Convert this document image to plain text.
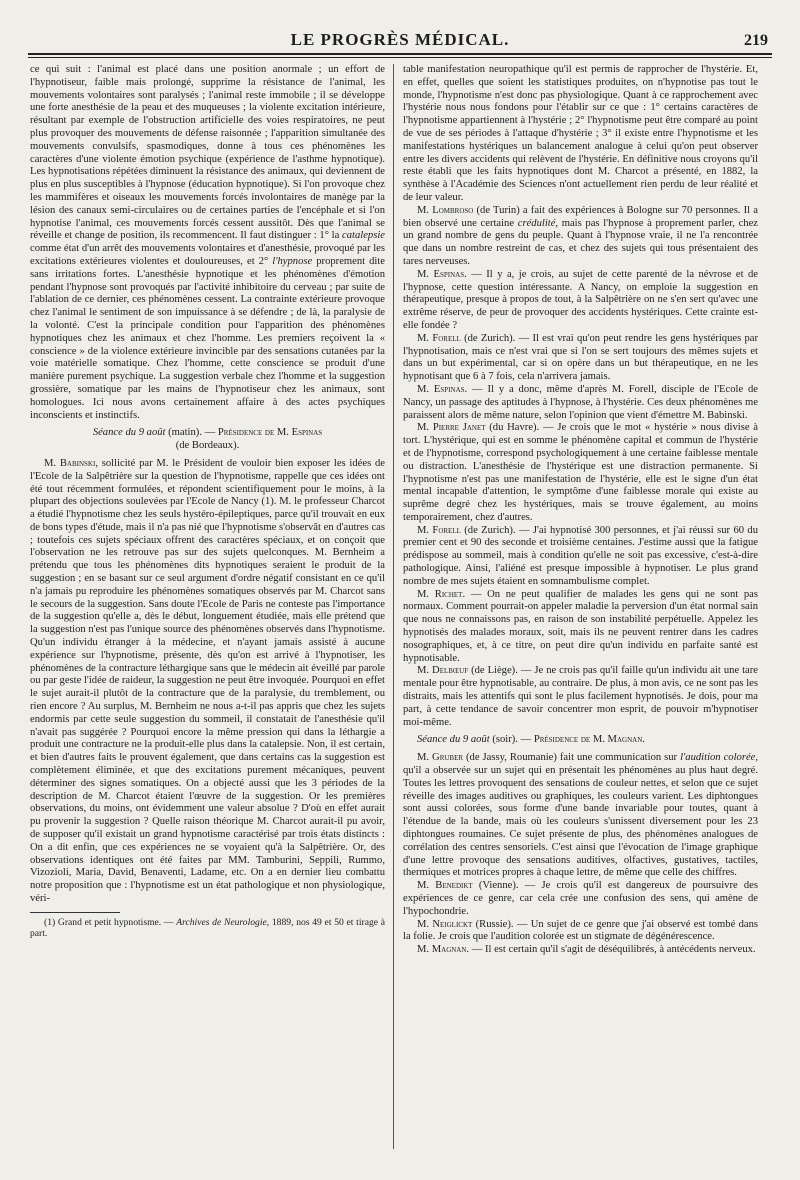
LE PROGRÈS MÉDICAL.	219

ce qui suit : l'animal est placé dans une position anormale ; un effort de l'hypnotiseur, faible mais prolongé, supprime la résistance de l'animal, les mouvements volontaires sont paralysés ; l'animal reste immobile ; il se développe une forte anesthésie de la peau et des muqueuses ; la violente excitation intérieure, résultant par exemple de l'obstruction artificielle des voies respiratoires, ne peut plus provoquer des mouvements de défense raisonnée ; l'apparition simultanée des mouvements convulsifs, spasmodiques, donne à tous ces phénomènes les caractères d'une violente émotion psychique (expérience de l'asthme hypnotique). Les hypnotisations répétées diminuent la résistance des animaux, qui deviennent de plus en plus susceptibles à l'hypnose (éducation hypnotique). Si l'on provoque chez les mammifères et oiseaux les mouvements forcés involontaires de manège par la lésion des canaux semi-circulaires ou de certaines parties de l'encéphale et si l'on hypnotise l'animal, ces mouvements forcés cessent aussitôt. Dès que l'animal se réveille et change de position, ils recommencent. Il faut distinguer : 1° la catalepsie comme état d'un arrêt des mouvements volontaires et d'anesthésie, provoqué par les excitations extérieures violentes et douloureuses, et 2° l'hypnose proprement dite sans irritations fortes. L'anesthésie hypnotique et les phénomènes d'émotion pendant l'hypnose sont provoqués par l'activité inhibitoire du cerveau ; par suite de l'ablation de ce dernier, ces phénomènes cessent. La contrainte extérieure provoque chez l'animal le sentiment de son impuissance à se défendre ; de là, la paralysie de la volonté. C'est la principale condition pour l'apparition des phénomènes hypnotiques chez les animaux et chez l'homme. Les premiers reçoivent la « conscience » de la violence extérieure invincible par des sensations cutanées par la voie matérielle somatique. Chez l'homme, cette conscience se produit d'une manière purement psychique. La suggestion verbale chez l'homme et la suggestion grossière, somatique par les mains de l'hypnotiseur chez les animaux, sont homologues. Ici nous avons certainement affaire à des actes psychiques inconscients et instinctifs.

Séance du 9 août (matin). — Présidence de M. Espinas
(de Bordeaux).

M. Babinski, sollicité par M. le Président de vouloir bien exposer les idées de l'Ecole de la Salpêtrière sur la question de l'hypnotisme, rappelle que ces idées ont été tout récemment formulées, et répondent scientifiquement pour le moins, à la plupart des objections soulevées par l'Ecole de Nancy (1). M. le professeur Charcot a étudié l'hypnotisme chez les seuls hystéro-épileptiques, parce qu'il trouvait en eux de bons types d'étude, mais il n'a pas nié que l'hypnotisme s'observât en d'autres cas ; toutefois ces sujets spéciaux offrent des caractères spéciaux, et on conçoit que l'observation ne les retrouve pas sur des sujets quelconques. M. Bernheim a prétendu que tous les phénomènes dits hypnotiques seraient le produit de la suggestion ; en se basant sur ce seul argument d'ordre négatif consistant en ce qu'il n'a jamais pu reproduire les phénomènes somatiques observés par M. Charcot sans le secours de la suggestion. Sans doute l'Ecole de Paris ne conteste pas l'importance de la suggestion qu'elle a, dès le début, longuement étudiée, mais elle prétend que la suggestion n'est pas l'unique source des phénomènes observés dans l'hypnotisme. Qu'un individu étranger à la médecine, et n'ayant jamais assisté à aucune expérience sur l'hypnotisme, présente, dès qu'on est arrivé à l'hypnotiser, les phénomènes de la contracture léthargique sans que le médecin ait éveillé par parole ou par geste l'idée de raideur, la suggestion ne peut être invoquée. Pourquoi en effet le sujet aurait-il plutôt de la contracture que de la paralysie, du tremblement, ou rien encore ? Au surplus, M. Bernheim ne nous a-t-il pas appris que chez les sujets endormis par cette seule suggestion du sommeil, il constatait de l'anesthésie qu'il n'avait pas suggérée ? Pourquoi encore la même pression qui dans la léthargie a produit une contracture ne la produit-elle plus dans la catalepsie. Non, il est certain, et bien d'autres faits le prouvent également, que dans certains cas la suggestion est complètement éliminée, et que des excitations purement mécaniques, peuvent déterminer des signes somatiques. On a objecté aussi que les 3 périodes de la description de M. Charcot étaient l'œuvre de la suggestion. Or les premières observations, du moins, ont évidemment une valeur absolue ? D'où en effet aurait pu provenir la suggestion ? Quelle raison théorique M. Charcot aurait-il pu avoir, de supposer qu'il existait un grand hypnotisme caractérisé par trois états distincts : On a dit enfin, que ces expériences ne se voyaient qu'à la Salpêtrière. Or, des observations identiques ont été faites par MM. Tamburini, Seppili, Rummo, Vizozioli, Maria, David, Benaventi, Ladame, etc. On a en dernier lieu combattu notre proposition que : l'hypnotisme est un état pathologique et non physiologique, véri-

(1) Grand et petit hypnotisme. — Archives de Neurologie, 1889, nos 49 et 50 et tirage à part.

table manifestation neuropathique qu'il est permis de rapprocher de l'hystérie. Et, en effet, quelles que soient les statistiques produites, on n'hypnotise pas tout le monde, l'hypnotisme n'est donc pas physiologique. Quant à ce rapprochement avec l'hystérie nous nous fondons pour l'établir sur ce que : 1° certains caractères de l'hypnotisme appartiennent à l'hystérie ; 2° l'hypnotisme peut être comparé au point de vue de ses périodes à l'attaque d'hystérie ; 3° il existe entre l'hypnotisme et les manifestations hystériques un balancement analogue à celui qu'on peut observer entre les divers accidents qui relèvent de l'hystérie. En définitive nous croyons qu'il reste établi que les faits hypnotiques dont M. Charcot a présenté, en 1882, la synthèse à l'Académie des Sciences n'ont actuellement rien perdu de leur réalité et de leur valeur.

M. Lombroso (de Turin) a fait des expériences à Bologne sur 70 personnes. Il a bien observé une certaine crédulité, mais pas l'hypnose à proprement parler, chez un grand nombre de gens du peuple. Quant à l'hypnose vraie, il ne l'a rencontrée que dans un nombre restreint de cas, et chez des sujets qui tous présentaient des tares nerveuses.

M. Espinas. — Il y a, je crois, au sujet de cette parenté de la névrose et de l'hypnose, cette question intéressante. A Nancy, on emploie la suggestion en thérapeutique, presque à propos de tout, à la Salpêtrière on ne s'en sert qu'avec une extrême réserve, de peur de provoquer des accidents hystériques. Cette crainte est-elle fondée ?

M. Forell (de Zurich). — Il est vrai qu'on peut rendre les gens hystériques par l'hypnotisation, mais ce n'est vrai que si l'on se sert toujours des mêmes sujets et dans un but expérimental, car si on opère dans un but thérapeutique, en ne les hypnotisant que 6 à 7 fois, cela n'arrivera jamais.

M. Espinas. — Il y a donc, même d'après M. Forell, disciple de l'Ecole de Nancy, un passage des aptitudes à l'hypnose, à l'hystérie. Ces deux phénomènes me paraissent alors de même nature, selon l'opinion que vient d'émettre M. Babinski.

M. Pierre Janet (du Havre). — Je crois que le mot « hystérie » nous divise à tort. L'hystérique, qui est en somme le phénomène capital et commun de l'hystérie et de l'hypnotisme, correspond psychologiquement à une certaine faiblesse mentale ou distraction. L'anesthésie de l'hystérique est une distraction permanente. Si l'hypnotisme n'est pas une manifestation de l'hystérie, elle est le signe d'un état mental incapable d'attention, le symptôme d'une faiblesse morale qui existe au suprême degré chez les hystériques, mais se trouve également, au moins temporairement, chez d'autres.

M. Forell (de Zurich). — J'ai hypnotisé 300 personnes, et j'ai réussi sur 60 du premier cent et 90 des seconde et troisième centaines. J'estime aussi que la fatigue prédispose au sommeil, mais à condition qu'elle ne soit pas excessive, c'est-à-dire pathologique. Ainsi, l'aliéné est presque impossible à hypnotiser. Le plus grand nombre de mes sujets étaient en somnambulisme complet.

M. Richet. — On ne peut qualifier de malades les gens qui ne sont pas normaux. Comment pourrait-on appeler maladie la perversion d'un état normal sain que nous ne connaissons pas, en raison de son instabilité perpétuelle. Appelez les hypnotisés des malades moraux, soit, mais ils ne peuvent rentrer dans les cadres nosographiques, et, à ce titre, on peut dire qu'un individu en parfaite santé est hypnotisable.

M. Delbœuf (de Liège). — Je ne crois pas qu'il faille qu'un individu ait une tare mentale pour être hypnotisable, au contraire. De plus, à mon avis, ce ne sont pas les distraits, mais les attentifs qui sont le plus facilement hypnotisés. Je dois, pour ma part, à cette tendance de savoir concentrer mon esprit, de pouvoir m'hypnotiser moi-même.

Séance du 9 août (soir). — Présidence de M. Magnan.

M. Gruber (de Jassy, Roumanie) fait une communication sur l'audition colorée, qu'il a observée sur un sujet qui en présentait les phénomènes au plus haut degré. Toutes les lettres provoquent des sensations de couleur nettes, et selon que ce sujet réveille des images auditives ou graphiques, les couleurs varient. Les diphtongues sont aussi colorées, sous forme d'une bande invariable pour toutes, quant à l'étendue de la bande, mais où les couleurs s'unissent diversement pour les 23 diphtongues roumaines. Ce sujet présente de plus, des phénomènes analogues de corrélation des centres sensoriels. C'est ainsi que l'évocation de l'image graphique d'une lettre provoque des sensations auditives, olfactives, gustatives, tactiles, thermiques et motrices propres à chaque lettre, de même que celle des chiffres.

M. Benedikt (Vienne). — Je crois qu'il est dangereux de poursuivre des expériences de ce genre, car cela crée une confusion des sens, qui amène de l'hypochondrie.

M. Neiglickt (Russie). — Un sujet de ce genre que j'ai observé est tombé dans la folie. Je crois que l'audition colorée est un stigmate de dégénérescence.

M. Magnan. — Il est certain qu'il s'agit de déséquilibrés, à antécédents nerveux.
